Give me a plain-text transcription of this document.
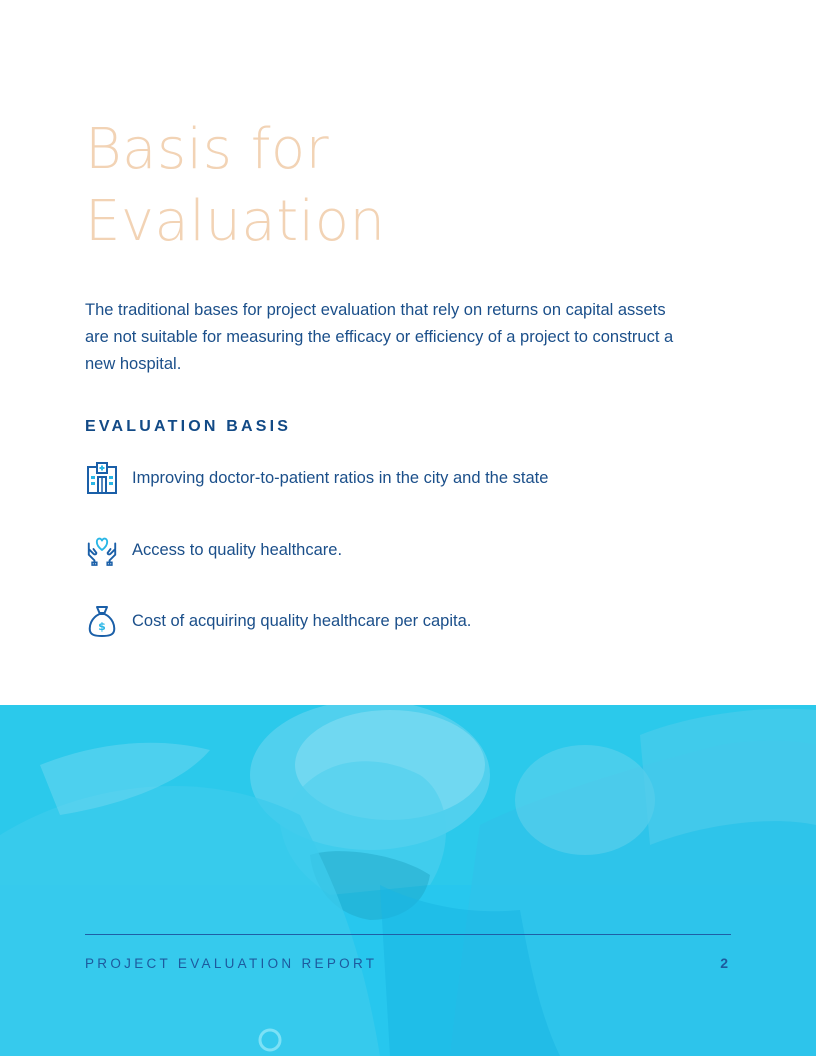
Basis for
Evaluation

The traditional bases for project evaluation that rely on returns on capital assets are not suitable for measuring the efficacy or efficiency of a project to construct a new hospital.

EVALUATION BASIS
Improving doctor-to-patient ratios in the city and the state
Access to quality healthcare.
$ Cost of acquiring quality healthcare per capita.
PROJECT EVALUATION REPORT	2
